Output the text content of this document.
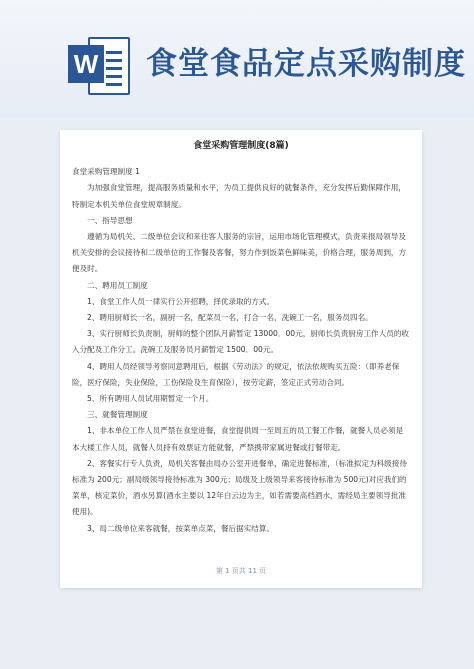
W 食堂食品定点采购制度
食堂采购管理制度(8篇)

食堂采购管理制度 1

为加强食堂管理，提高服务质量和水平，为员工提供良好的就餐条件，充分发挥后勤保障作用，特制定本机关单位食堂规章制度。

一、指导思想

遵循为局机关、二级单位会议和来往客人服务的宗旨，运用市场化管理模式，负责来报局领导及机关安排的会议接待和二级单位的工作餐及客餐，努力作到饭菜色鲜味美，价格合理，服务周到，方便及时。

二、聘用员工制度

1、食堂工作人员一律实行公开招聘，择优录取的方式。

2、聘用厨师长一名，副厨一名，配菜员一名，打合一名，洗碗工一名，服务员四名。

3、实行厨师长负责制，厨师的整个团队月薪暂定 13000．00元，厨师长负责厨房工作人员的收入分配及工作分工。洗碗工及服务员月薪暂定 1500．00元。

4、聘用人员经领导考察同意聘用后，根据《劳动法》的规定，依法依规购买五险：（即养老保险，医疗保险，失业保险，工伤保险及生育保险），按劳定薪，签定正式劳动合同。

5、所有聘用人员试用期暂定一个月。

三、就餐管理制度

1、非本单位工作人员严禁在食堂进餐，食堂提供周一至周五的员工餐工作餐，就餐人员必须是本大楼工作人员，就餐人员持有效票证方能就餐，严禁携带家属进餐或打餐带走。

2、客餐实行专人负责，局机关客餐由局办公室开进餐单，确定进餐标准，（标准拟定为科级接待标准为 200元；副局级领导接待标准为 300元；局级及上级领导来客接待标准为 500元)对应我们的菜单，核定菜价，酒水另算(酒水主要以 12年白云边为主，如若需要高档酒水，需经局主要领导批准使用)。

3、局二级单位来客就餐，按菜单点菜，餐后据实结算。

第 1 页共 11 页
